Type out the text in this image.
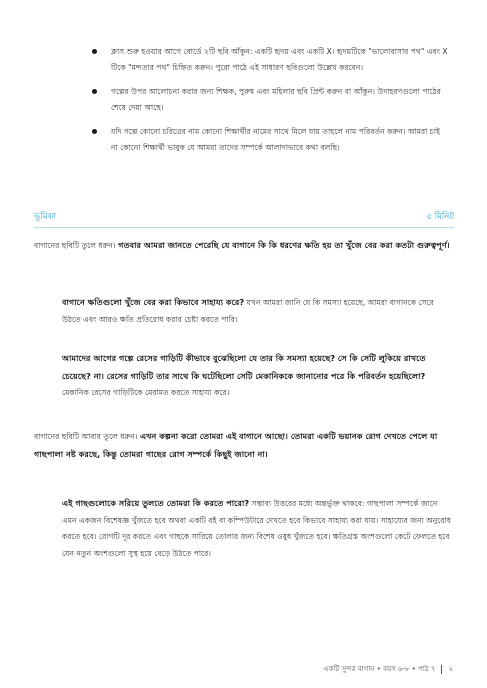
ক্লাস শুরু হওয়ার আগে বোর্ডে ২টি ছবি আঁকুন: একটি হৃদয় এবং একটি X। হৃদয়টিকে "ভালোবাসার পথ" এবং X টিকে "মন্দতার পথ" চিহ্নিত করুন। পুরো পাঠে এই সাধারণ ছবিগুলো উল্লেখ করবেন।
গল্পের উপর আলোচনা করার জন্য শিক্ষক, পুরুষ এবং মহিলার ছবি প্রিন্ট করুন বা আঁকুন। উদাহরণগুলো পাঠের শেষে দেয়া আছে।
যদি গল্পে কোনো চরিত্রের নাম কোনো শিক্ষার্থীর নামের সাথে মিলে যায় তাহলে নাম পরিবর্তন করুন। আমরা চাই না কোনো শিক্ষার্থী ভাবুক যে আমরা তাদের সম্পর্কে আলাদাভাবে কথা বলছি।
ভূমিকা	৫ মিনিট
বাগানের ছবিটি তুলে ধরুন। গতবার আমরা জানতে পেরেছি যে বাগানে কি কি ধরণের ক্ষতি হয় তা খুঁজে বের করা কতটা গুরুত্বপূর্ণ।
বাগানে ক্ষতিগুলো খুঁজে বের করা কিভাবে সাহায্য করে? যখন আমরা জানি যে কি সমস্যা হয়েছে, আমরা বাগানকে সেরে উঠতে এবং আরও ক্ষতি প্রতিরোধ করার চেষ্টা করতে পারি।
আমাদের আগের গল্পে রেসের গাড়িটি কীভাবে বুঝেছিলো যে তার কি সমস্যা হয়েছে? সে কি সেটি লুকিয়ে রাখতে চেয়েছে? না। রেসের গাড়িটি তার সাথে কি ঘটেছিলো সেটি মেকানিককে জানানোর পরে কি পরিবর্তন হয়েছিলো? মেকানিক রেসের গাড়িটিকে মেরামত করতে সাহায্য করে।
বাগানের ছবিটি আবার তুলে ধরুন। এখন কল্পনা করো তোমরা এই বাগানে আছো। তোমরা একটি ভয়ানক রোগ দেখতে পেলে যা গাছপালা নষ্ট করছে, কিন্তু তোমরা গাছের রোগ সম্পর্কে কিছুই জানো না।
এই গাছগুলোকে সরিয়ে তুলতে তোমরা কি করতে পারো? সম্ভাব্য উত্তরের মধ্যে অন্তর্ভুক্ত থাকবে: গাছপালা সম্পর্কে জানে এমন একজন বিশেষজ্ঞ খুঁজতে হবে অথবা একটি বই বা কম্পিউটারে দেখতে হবে কিভাবে সাহায্য করা যায়। সাহায্যের জন্য অনুরোধ করতে হবে। রোগটি দূর করতে এবং গাছকে সারিয়ে তোলার জন্য বিশেষ ওষুধ খুঁজতে হবে। ক্ষতিগ্রস্ত অংশগুলো কেটে ফেলতে হবে যেন নতুন অংশগুলো সুস্থ হয়ে বেড়ে উঠতে পারে।
একটি সুন্দর বাগান • বয়স ৬-৮ • পাঠ ৭ ২
